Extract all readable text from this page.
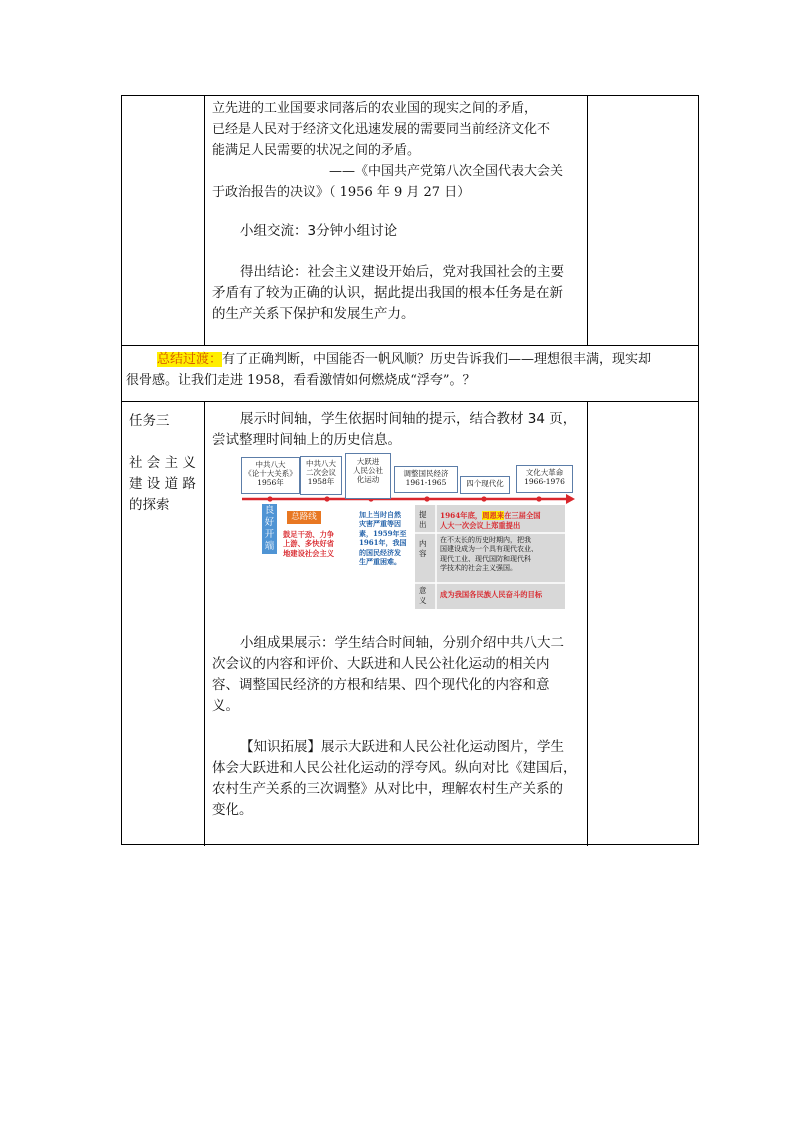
立先进的工业国要求同落后的农业国的现实之间的矛盾，
已经是人民对于经济文化迅速发展的需要同当前经济文化不
能满足人民需要的状况之间的矛盾。
——《中国共产党第八次全国代表大会关
于政治报告的决议》（ 1956 年 9 月 27 日）
小组交流：3分钟小组讨论
得出结论：社会主义建设开始后，党对我国社会的主要
矛盾有了较为正确的认识，据此提出我国的根本任务是在新
的生产关系下保护和发展生产力。
总结过渡：有了正确判断，中国能否一帆风顺？历史告诉我们——理想很丰满，现实却
很骨感。让我们走进 1958，看看激情如何燃烧成“浮夸”。？
任务三
社 会 主 义
建 设 道 路
的探索
展示时间轴，学生依据时间轴的提示，结合教材 34 页，
尝试整理时间轴上的历史信息。
中共八大
《论十大关系》
1956年
中共八大
二次会议
1958年
大跃进
人民公社
化运动
调整国民经济
1961-1965	四个现代化
文化大革命
1966-1976
良好开端
总路线
鼓足干劲、力争
上游、多快好省
地建设社会主义
加上当时自然
灾害严重等因
素，1959年至
1961年，我国
的国民经济发
生严重困难。
提出
内容
意义
1964年底，周恩来在三届全国
人大一次会议上郑重提出
在不太长的历史时期内，把我
国建设成为一个具有现代农业、
现代工业、现代国防和现代科
学技术的社会主义强国。
成为我国各民族人民奋斗的目标
小组成果展示：学生结合时间轴，分别介绍中共八大二
次会议的内容和评价、大跃进和人民公社化运动的相关内
容、调整国民经济的方根和结果、四个现代化的内容和意
义。
【知识拓展】展示大跃进和人民公社化运动图片，学生
体会大跃进和人民公社化运动的浮夸风。纵向对比《建国后，
农村生产关系的三次调整》从对比中，理解农村生产关系的
变化。
